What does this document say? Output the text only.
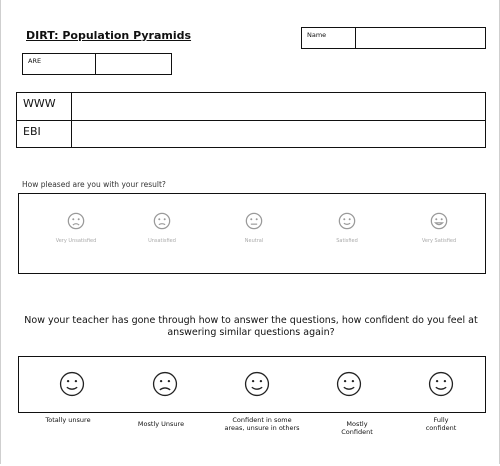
DIRT: Population Pyramids	Name
ARE
WWW
EBI
How pleased are you with your result?
Very Unsatisfied	Unsatisfied	Neutral	Satisfied	Very Satisfied
Now your teacher has gone through how to answer the questions, how confident do you feel at answering similar questions again?
Totally unsure	Mostly Unsure	Confident in some areas, unsure in others	Mostly Confident
Fully confident
